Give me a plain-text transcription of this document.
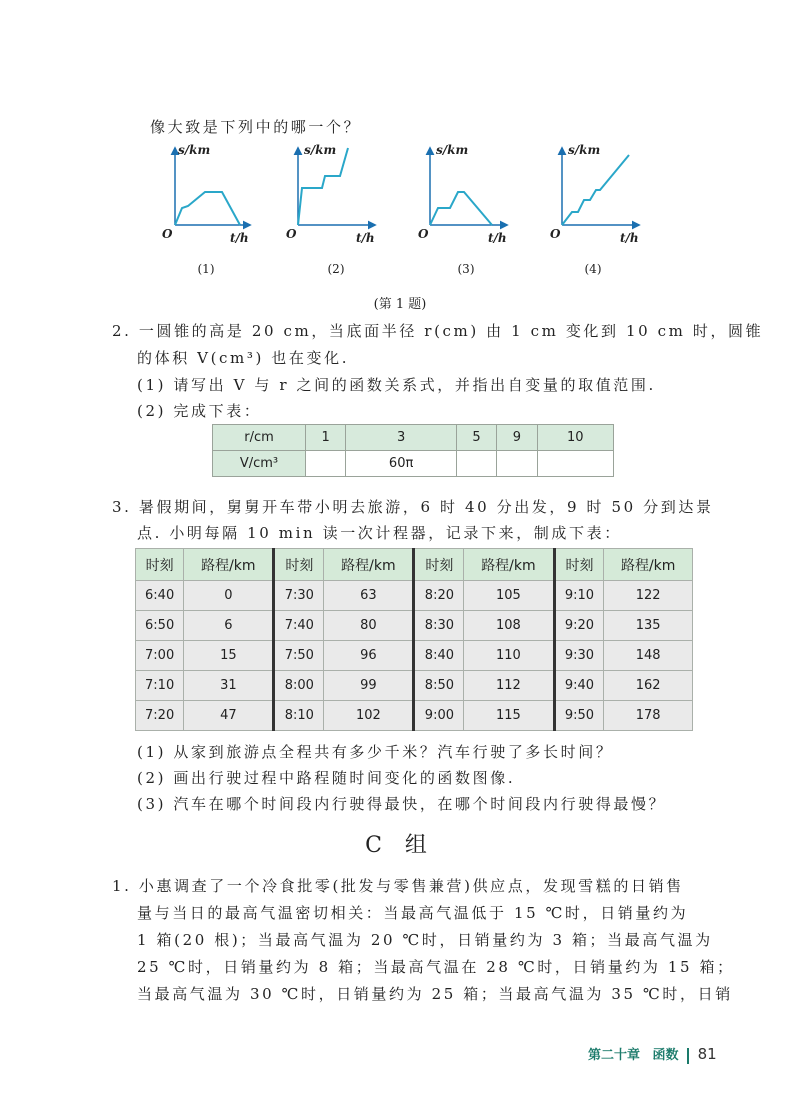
像大致是下列中的哪一个？
s/km
t/h
O
s/km
t/h
O
s/km
t/h
O
s/km
t/h
O
(1)	(2)	(3)	(4)
(第 1 题)
2. 一圆锥的高是 20 cm，当底面半径 r(cm) 由 1 cm 变化到 10 cm 时，圆锥
的体积 V(cm³) 也在变化.
(1) 请写出 V 与 r 之间的函数关系式，并指出自变量的取值范围.
(2) 完成下表：
r/cm	1	3	5	9	10
V/cm³		60π			
3. 暑假期间，舅舅开车带小明去旅游，6 时 40 分出发，9 时 50 分到达景
点. 小明每隔 10 min 读一次计程器，记录下来，制成下表：
时刻	路程/km	时刻	路程/km	时刻	路程/km	时刻	路程/km
6:40	0	7:30	63	8:20	105	9:10	122
6:50	6	7:40	80	8:30	108	9:20	135
7:00	15	7:50	96	8:40	110	9:30	148
7:10	31	8:00	99	8:50	112	9:40	162
7:20	47	8:10	102	9:00	115	9:50	178
(1) 从家到旅游点全程共有多少千米？汽车行驶了多长时间？
(2) 画出行驶过程中路程随时间变化的函数图像.
(3) 汽车在哪个时间段内行驶得最快，在哪个时间段内行驶得最慢？
C 组
1. 小惠调查了一个冷食批零(批发与零售兼营)供应点，发现雪糕的日销售
量与当日的最高气温密切相关：当最高气温低于 15 ℃时，日销量约为
1 箱(20 根)；当最高气温为 20 ℃时，日销量约为 3 箱；当最高气温为
25 ℃时，日销量约为 8 箱；当最高气温在 28 ℃时，日销量约为 15 箱；
当最高气温为 30 ℃时，日销量约为 25 箱；当最高气温为 35 ℃时，日销
第二十章 函数 81
